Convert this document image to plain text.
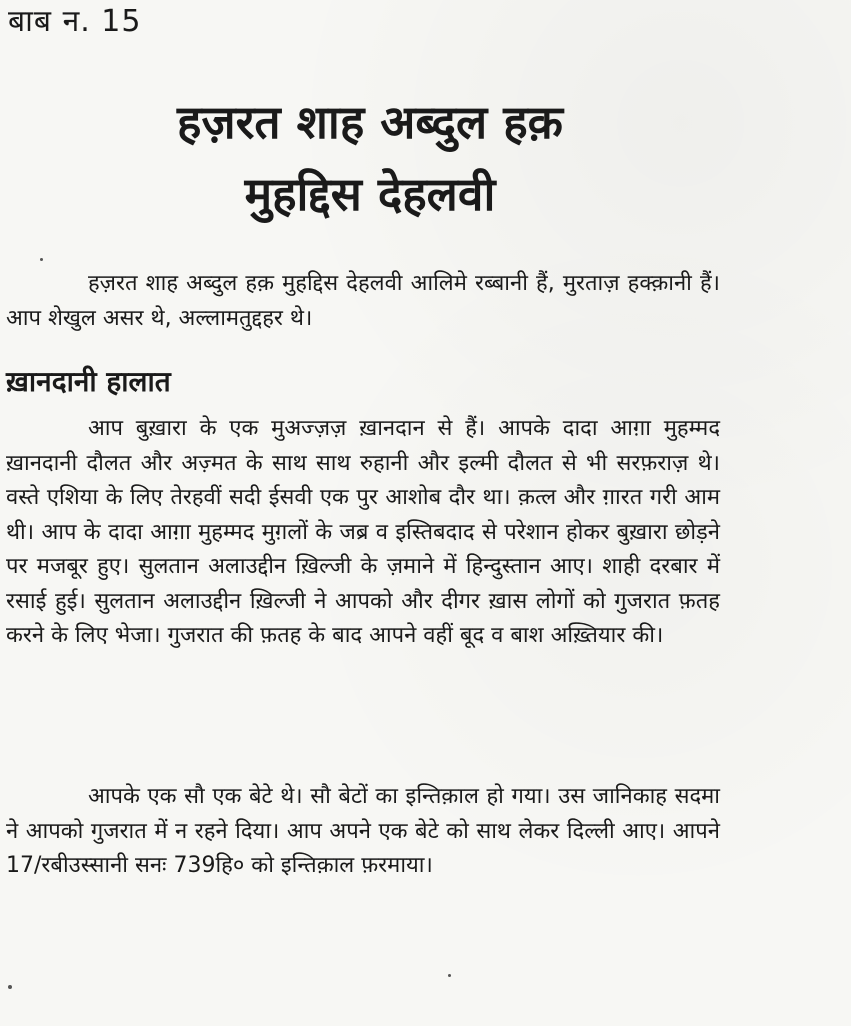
बाब न. 15
हज़रत शाह अब्दुल हक़
मुहद्दिस देहलवी

हज़रत शाह अब्दुल हक़ मुहद्दिस देहलवी आलिमे रब्बानी हैं, मुरताज़ हक्क़ानी हैं। आप शेखुल असर थे, अल्लामतुद्दहर थे।

ख़ानदानी हालात

आप बुख़ारा के एक मुअज्ज़ज़ ख़ानदान से हैं। आपके दादा आग़ा मुहम्मद ख़ानदानी दौलत और अज़्मत के साथ साथ रुहानी और इल्मी दौलत से भी सरफ़राज़ थे। वस्ते एशिया के लिए तेरहवीं सदी ईसवी एक पुर आशोब दौर था। क़त्ल और ग़ारत गरी आम थी। आप के दादा आग़ा मुहम्मद मुग़लों के जब्र व इस्तिबदाद से परेशान होकर बुख़ारा छोड़ने पर मजबूर हुए। सुलतान अलाउद्दीन ख़िल्जी के ज़माने में हिन्दुस्तान आए। शाही दरबार में रसाई हुई। सुलतान अलाउद्दीन ख़िल्जी ने आपको और दीगर ख़ास लोगों को गुजरात फ़तह करने के लिए भेजा। गुजरात की फ़तह के बाद आपने वहीं बूद व बाश अख़्तियार की।

आपके एक सौ एक बेटे थे। सौ बेटों का इन्तिक़ाल हो गया। उस जानिकाह सदमा ने आपको गुजरात में न रहने दिया। आप अपने एक बेटे को साथ लेकर दिल्ली आए। आपने 17/रबीउस्सानी सनः 739हि० को इन्तिक़ाल फ़रमाया।
